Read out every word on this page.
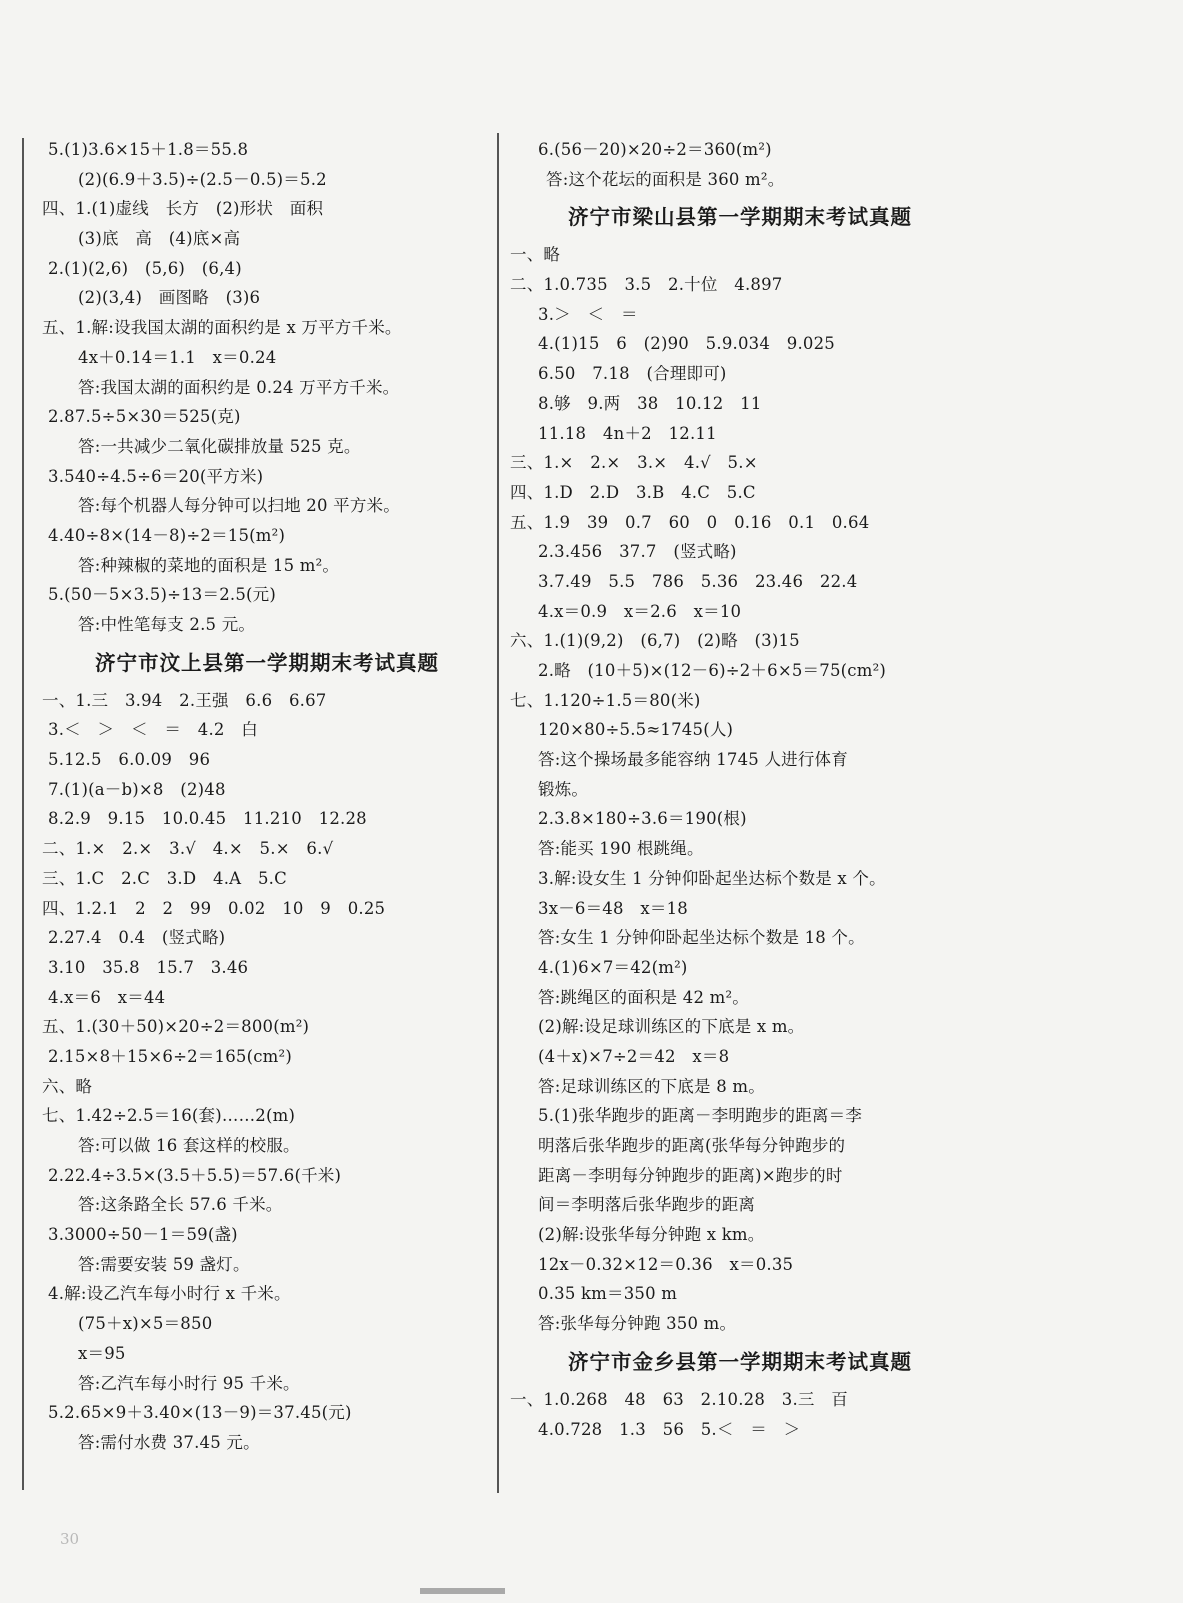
5.(1)3.6×15＋1.8＝55.8
(2)(6.9＋3.5)÷(2.5－0.5)＝5.2
四、1.(1)虚线　长方　(2)形状　面积
(3)底　高　(4)底×高
2.(1)(2,6)　(5,6)　(6,4)
(2)(3,4)　画图略　(3)6
五、1.解:设我国太湖的面积约是 x 万平方千米。
4x＋0.14＝1.1　x＝0.24
答:我国太湖的面积约是 0.24 万平方千米。
2.87.5÷5×30＝525(克)
答:一共减少二氧化碳排放量 525 克。
3.540÷4.5÷6＝20(平方米)
答:每个机器人每分钟可以扫地 20 平方米。
4.40÷8×(14－8)÷2＝15(m²)
答:种辣椒的菜地的面积是 15 m²。
5.(50－5×3.5)÷13＝2.5(元)
答:中性笔每支 2.5 元。
济宁市汶上县第一学期期末考试真题
一、1.三　3.94　2.王强　6.6　6.67
3.＜　＞　＜　＝　4.2　白
5.12.5　6.0.09　96
7.(1)(a－b)×8　(2)48
8.2.9　9.15　10.0.45　11.210　12.28
二、1.×　2.×　3.√　4.×　5.×　6.√
三、1.C　2.C　3.D　4.A　5.C
四、1.2.1　2　2　99　0.02　10　9　0.25
2.27.4　0.4　(竖式略)
3.10　35.8　15.7　3.46
4.x＝6　x＝44
五、1.(30＋50)×20÷2＝800(m²)
2.15×8＋15×6÷2＝165(cm²)
六、略
七、1.42÷2.5＝16(套)……2(m)
答:可以做 16 套这样的校服。
2.22.4÷3.5×(3.5＋5.5)＝57.6(千米)
答:这条路全长 57.6 千米。
3.3000÷50－1＝59(盏)
答:需要安装 59 盏灯。
4.解:设乙汽车每小时行 x 千米。
(75＋x)×5＝850
x＝95
答:乙汽车每小时行 95 千米。
5.2.65×9＋3.40×(13－9)＝37.45(元)
答:需付水费 37.45 元。
6.(56－20)×20÷2＝360(m²)
答:这个花坛的面积是 360 m²。
济宁市梁山县第一学期期末考试真题
一、略
二、1.0.735　3.5　2.十位　4.897
3.＞　＜　＝
4.(1)15　6　(2)90　5.9.034　9.025
6.50　7.18　(合理即可)
8.够　9.两　38　10.12　11
11.18　4n＋2　12.11
三、1.×　2.×　3.×　4.√　5.×
四、1.D　2.D　3.B　4.C　5.C
五、1.9　39　0.7　60　0　0.16　0.1　0.64
2.3.456　37.7　(竖式略)
3.7.49　5.5　786　5.36　23.46　22.4
4.x＝0.9　x＝2.6　x＝10
六、1.(1)(9,2)　(6,7)　(2)略　(3)15
2.略　(10＋5)×(12－6)÷2＋6×5＝75(cm²)
七、1.120÷1.5＝80(米)
120×80÷5.5≈1745(人)
答:这个操场最多能容纳 1745 人进行体育
锻炼。
2.3.8×180÷3.6＝190(根)
答:能买 190 根跳绳。
3.解:设女生 1 分钟仰卧起坐达标个数是 x 个。
3x－6＝48　x＝18
答:女生 1 分钟仰卧起坐达标个数是 18 个。
4.(1)6×7＝42(m²)
答:跳绳区的面积是 42 m²。
(2)解:设足球训练区的下底是 x m。
(4＋x)×7÷2＝42　x＝8
答:足球训练区的下底是 8 m。
5.(1)张华跑步的距离－李明跑步的距离＝李
明落后张华跑步的距离(张华每分钟跑步的
距离－李明每分钟跑步的距离)×跑步的时
间＝李明落后张华跑步的距离
(2)解:设张华每分钟跑 x km。
12x－0.32×12＝0.36　x＝0.35
0.35 km＝350 m
答:张华每分钟跑 350 m。
济宁市金乡县第一学期期末考试真题
一、1.0.268　48　63　2.10.28　3.三　百
4.0.728　1.3　56　5.＜　＝　＞
30
